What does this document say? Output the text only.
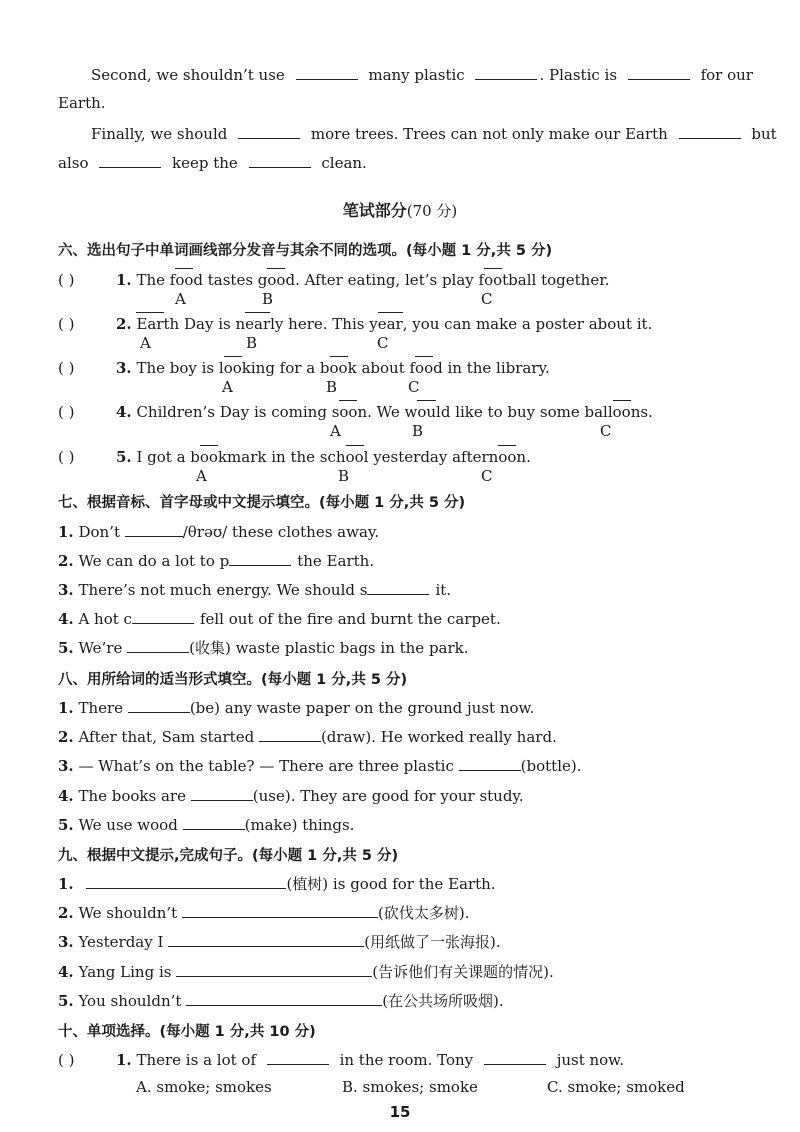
Second, we shouldn’t use	many plastic	. Plastic is	for our
Earth.
Finally, we should	more trees. Trees can not only make our Earth	but
also	keep the	clean.
笔试部分(70 分)
六、选出句子中单词画线部分发音与其余不同的选项。(每小题 1 分,共 5 分)
( )	1. The food tastes good. After eating, let’s play football together.
A	B	C
( )	2. Earth Day is nearly here. This year, you can make a poster about it.
A	B	C
( )	3. The boy is looking for a book about food in the library.
A	B	C
( )	4. Children’s Day is coming soon. We would like to buy some balloons.
A	B	C
( )	5. I got a bookmark in the school yesterday afternoon.
A	B	C
七、根据音标、首字母或中文提示填空。(每小题 1 分,共 5 分)
1. Don’t	/θrəʊ/ these clothes away.
2. We can do a lot to p	the Earth.
3. There’s not much energy. We should s	it.
4. A hot c	fell out of the fire and burnt the carpet.
5. We’re	(收集) waste plastic bags in the park.
八、用所给词的适当形式填空。(每小题 1 分,共 5 分)
1. There	(be) any waste paper on the ground just now.
2. After that, Sam started	(draw). He worked really hard.
3. — What’s on the table? — There are three plastic	(bottle).
4. The books are	(use). They are good for your study.
5. We use wood	(make) things.
九、根据中文提示,完成句子。(每小题 1 分,共 5 分)
1.	(植树) is good for the Earth.
2. We shouldn’t	(砍伐太多树).
3. Yesterday I	(用纸做了一张海报).
4. Yang Ling is	(告诉他们有关课题的情况).
5. You shouldn’t	(在公共场所吸烟).
十、单项选择。(每小题 1 分,共 10 分)
( )	1. There is a lot of	in the room. Tony	just now.
A. smoke; smokes	B. smokes; smoke	C. smoke; smoked
15
